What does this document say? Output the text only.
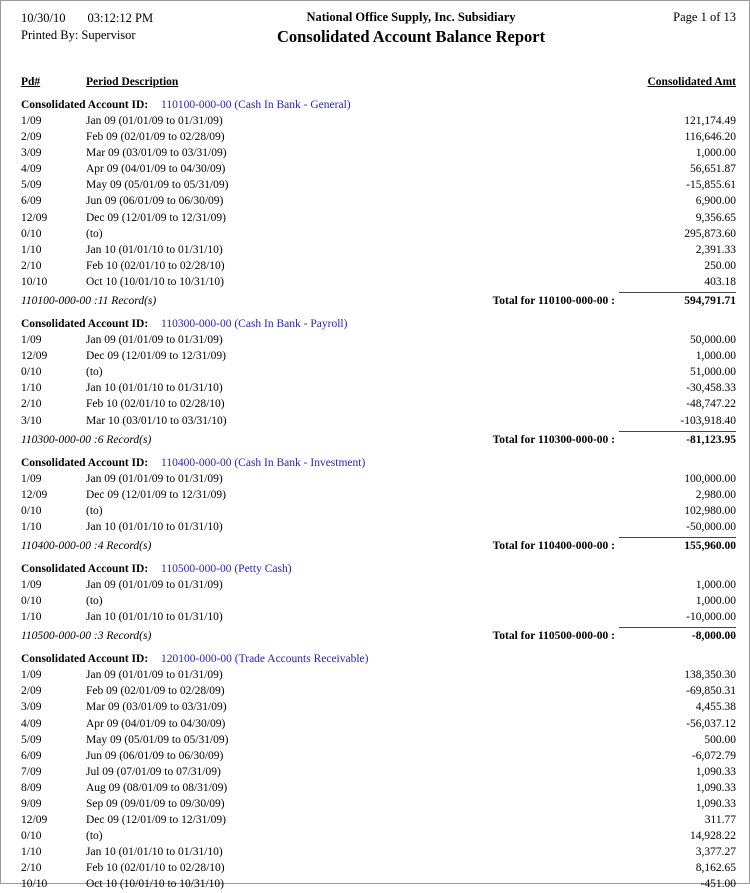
10/30/10 03:12:12 PM
Printed By: Supervisor
National Office Supply, Inc. Subsidiary
Consolidated Account Balance Report
Page 1 of 13
Pd#	Period Description	Consolidated Amt
Consolidated Account ID:	110100-000-00 (Cash In Bank - General)
1/09	Jan 09 (01/01/09 to 01/31/09)	121,174.49
2/09	Feb 09 (02/01/09 to 02/28/09)	116,646.20
3/09	Mar 09 (03/01/09 to 03/31/09)	1,000.00
4/09	Apr 09 (04/01/09 to 04/30/09)	56,651.87
5/09	May 09 (05/01/09 to 05/31/09)	-15,855.61
6/09	Jun 09 (06/01/09 to 06/30/09)	6,900.00
12/09	Dec 09 (12/01/09 to 12/31/09)	9,356.65
0/10	(to)	295,873.60
1/10	Jan 10 (01/01/10 to 01/31/10)	2,391.33
2/10	Feb 10 (02/01/10 to 02/28/10)	250.00
10/10	Oct 10 (10/01/10 to 10/31/10)	403.18
110100-000-00 :11 Record(s)	Total for 110100-000-00 :	594,791.71
Consolidated Account ID:	110300-000-00 (Cash In Bank - Payroll)
1/09	Jan 09 (01/01/09 to 01/31/09)	50,000.00
12/09	Dec 09 (12/01/09 to 12/31/09)	1,000.00
0/10	(to)	51,000.00
1/10	Jan 10 (01/01/10 to 01/31/10)	-30,458.33
2/10	Feb 10 (02/01/10 to 02/28/10)	-48,747.22
3/10	Mar 10 (03/01/10 to 03/31/10)	-103,918.40
110300-000-00 :6 Record(s)	Total for 110300-000-00 :	-81,123.95
Consolidated Account ID:	110400-000-00 (Cash In Bank - Investment)
1/09	Jan 09 (01/01/09 to 01/31/09)	100,000.00
12/09	Dec 09 (12/01/09 to 12/31/09)	2,980.00
0/10	(to)	102,980.00
1/10	Jan 10 (01/01/10 to 01/31/10)	-50,000.00
110400-000-00 :4 Record(s)	Total for 110400-000-00 :	155,960.00
Consolidated Account ID:	110500-000-00 (Petty Cash)
1/09	Jan 09 (01/01/09 to 01/31/09)	1,000.00
0/10	(to)	1,000.00
1/10	Jan 10 (01/01/10 to 01/31/10)	-10,000.00
110500-000-00 :3 Record(s)	Total for 110500-000-00 :	-8,000.00
Consolidated Account ID:	120100-000-00 (Trade Accounts Receivable)
1/09	Jan 09 (01/01/09 to 01/31/09)	138,350.30
2/09	Feb 09 (02/01/09 to 02/28/09)	-69,850.31
3/09	Mar 09 (03/01/09 to 03/31/09)	4,455.38
4/09	Apr 09 (04/01/09 to 04/30/09)	-56,037.12
5/09	May 09 (05/01/09 to 05/31/09)	500.00
6/09	Jun 09 (06/01/09 to 06/30/09)	-6,072.79
7/09	Jul 09 (07/01/09 to 07/31/09)	1,090.33
8/09	Aug 09 (08/01/09 to 08/31/09)	1,090.33
9/09	Sep 09 (09/01/09 to 09/30/09)	1,090.33
12/09	Dec 09 (12/01/09 to 12/31/09)	311.77
0/10	(to)	14,928.22
1/10	Jan 10 (01/01/10 to 01/31/10)	3,377.27
2/10	Feb 10 (02/01/10 to 02/28/10)	8,162.65
10/10	Oct 10 (10/01/10 to 10/31/10)	-451.00
